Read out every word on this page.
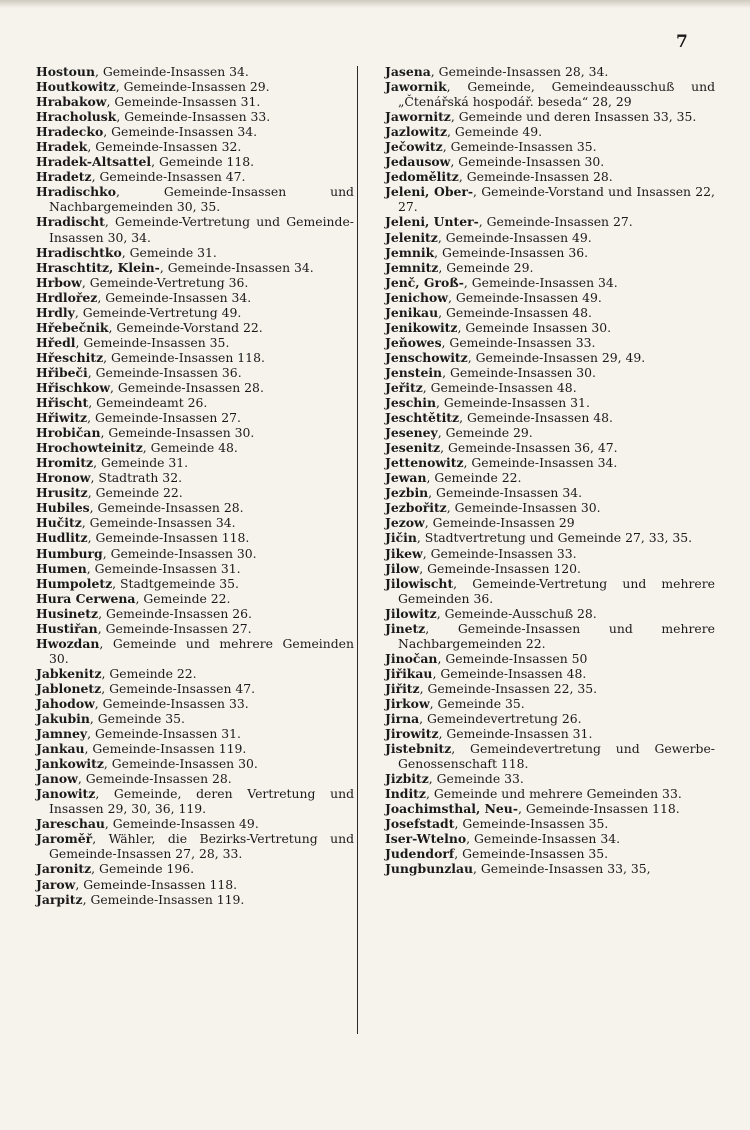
7

Hostoun, Gemeinde-Insassen 34.

Houtkowitz, Gemeinde-Insassen 29.

Hrabakow, Gemeinde-Insassen 31.

Hracholusk, Gemeinde-Insassen 33.

Hradecko, Gemeinde-Insassen 34.

Hradek, Gemeinde-Insassen 32.

Hradek-Altsattel, Gemeinde 118.

Hradetz, Gemeinde-Insassen 47.

Hradischko, Gemeinde-Insassen und Nachbargemeinden 30, 35.

Hradischt, Gemeinde-Vertretung und Gemeinde-Insassen 30, 34.

Hradischtko, Gemeinde 31.

Hraschtitz, Klein-, Gemeinde-Insassen 34.

Hrbow, Gemeinde-Vertretung 36.

Hrdlořez, Gemeinde-Insassen 34.

Hrdly, Gemeinde-Vertretung 49.

Hřebečnik, Gemeinde-Vorstand 22.

Hředl, Gemeinde-Insassen 35.

Hřeschitz, Gemeinde-Insassen 118.

Hřibeči, Gemeinde-Insassen 36.

Hřischkow, Gemeinde-Insassen 28.

Hřischt, Gemeindeamt 26.

Hřiwitz, Gemeinde-Insassen 27.

Hrobičan, Gemeinde-Insassen 30.

Hrochowteinitz, Gemeinde 48.

Hromitz, Gemeinde 31.

Hronow, Stadtrath 32.

Hrusitz, Gemeinde 22.

Hubiles, Gemeinde-Insassen 28.

Hučitz, Gemeinde-Insassen 34.

Hudlitz, Gemeinde-Insassen 118.

Humburg, Gemeinde-Insassen 30.

Humen, Gemeinde-Insassen 31.

Humpoletz, Stadtgemeinde 35.

Hura Cerwena, Gemeinde 22.

Husinetz, Gemeinde-Insassen 26.

Hustiřan, Gemeinde-Insassen 27.

Hwozdan, Gemeinde und mehrere Gemeinden 30.

Jabkenitz, Gemeinde 22.

Jablonetz, Gemeinde-Insassen 47.

Jahodow, Gemeinde-Insassen 33.

Jakubin, Gemeinde 35.

Jamney, Gemeinde-Insassen 31.

Jankau, Gemeinde-Insassen 119.

Jankowitz, Gemeinde-Insassen 30.

Janow, Gemeinde-Insassen 28.

Janowitz, Gemeinde, deren Vertretung und Insassen 29, 30, 36, 119.

Jareschau, Gemeinde-Insassen 49.

Jaroměř, Wähler, die Bezirks-Vertretung und Gemeinde-Insassen 27, 28, 33.

Jaronitz, Gemeinde 196.

Jarow, Gemeinde-Insassen 118.

Jarpitz, Gemeinde-Insassen 119.

Jasena, Gemeinde-Insassen 28, 34.

Jawornik, Gemeinde, Gemeindeausschuß und „Čtenářská hospodář. beseda“ 28, 29

Jawornitz, Gemeinde und deren Insassen 33, 35.

Jazlowitz, Gemeinde 49.

Ječowitz, Gemeinde-Insassen 35.

Jedausow, Gemeinde-Insassen 30.

Jedomělitz, Gemeinde-Insassen 28.

Jeleni, Ober-, Gemeinde-Vorstand und Insassen 22, 27.

Jeleni, Unter-, Gemeinde-Insassen 27.

Jelenitz, Gemeinde-Insassen 49.

Jemnik, Gemeinde-Insassen 36.

Jemnitz, Gemeinde 29.

Jenč, Groß-, Gemeinde-Insassen 34.

Jenichow, Gemeinde-Insassen 49.

Jenikau, Gemeinde-Insassen 48.

Jenikowitz, Gemeinde Insassen 30.

Jeňowes, Gemeinde-Insassen 33.

Jenschowitz, Gemeinde-Insassen 29, 49.

Jenstein, Gemeinde-Insassen 30.

Jeřitz, Gemeinde-Insassen 48.

Jeschin, Gemeinde-Insassen 31.

Jeschtětitz, Gemeinde-Insassen 48.

Jeseney, Gemeinde 29.

Jesenitz, Gemeinde-Insassen 36, 47.

Jettenowitz, Gemeinde-Insassen 34.

Jewan, Gemeinde 22.

Jezbin, Gemeinde-Insassen 34.

Jezbořitz, Gemeinde-Insassen 30.

Jezow, Gemeinde-Insassen 29

Jičin, Stadtvertretung und Gemeinde 27, 33, 35.

Jikew, Gemeinde-Insassen 33.

Jilow, Gemeinde-Insassen 120.

Jilowischt, Gemeinde-Vertretung und mehrere Gemeinden 36.

Jilowitz, Gemeinde-Ausschuß 28.

Jinetz, Gemeinde-Insassen und mehrere Nachbargemeinden 22.

Jinočan, Gemeinde-Insassen 50

Jiřikau, Gemeinde-Insassen 48.

Jiřitz, Gemeinde-Insassen 22, 35.

Jirkow, Gemeinde 35.

Jirna, Gemeindevertretung 26.

Jirowitz, Gemeinde-Insassen 31.

Jistebnitz, Gemeindevertretung und Gewerbe-Genossenschaft 118.

Jizbitz, Gemeinde 33.

Inditz, Gemeinde und mehrere Gemeinden 33.

Joachimsthal, Neu-, Gemeinde-Insassen 118.

Josefstadt, Gemeinde-Insassen 35.

Iser-Wtelno, Gemeinde-Insassen 34.

Judendorf, Gemeinde-Insassen 35.

Jungbunzlau, Gemeinde-Insassen 33, 35,
